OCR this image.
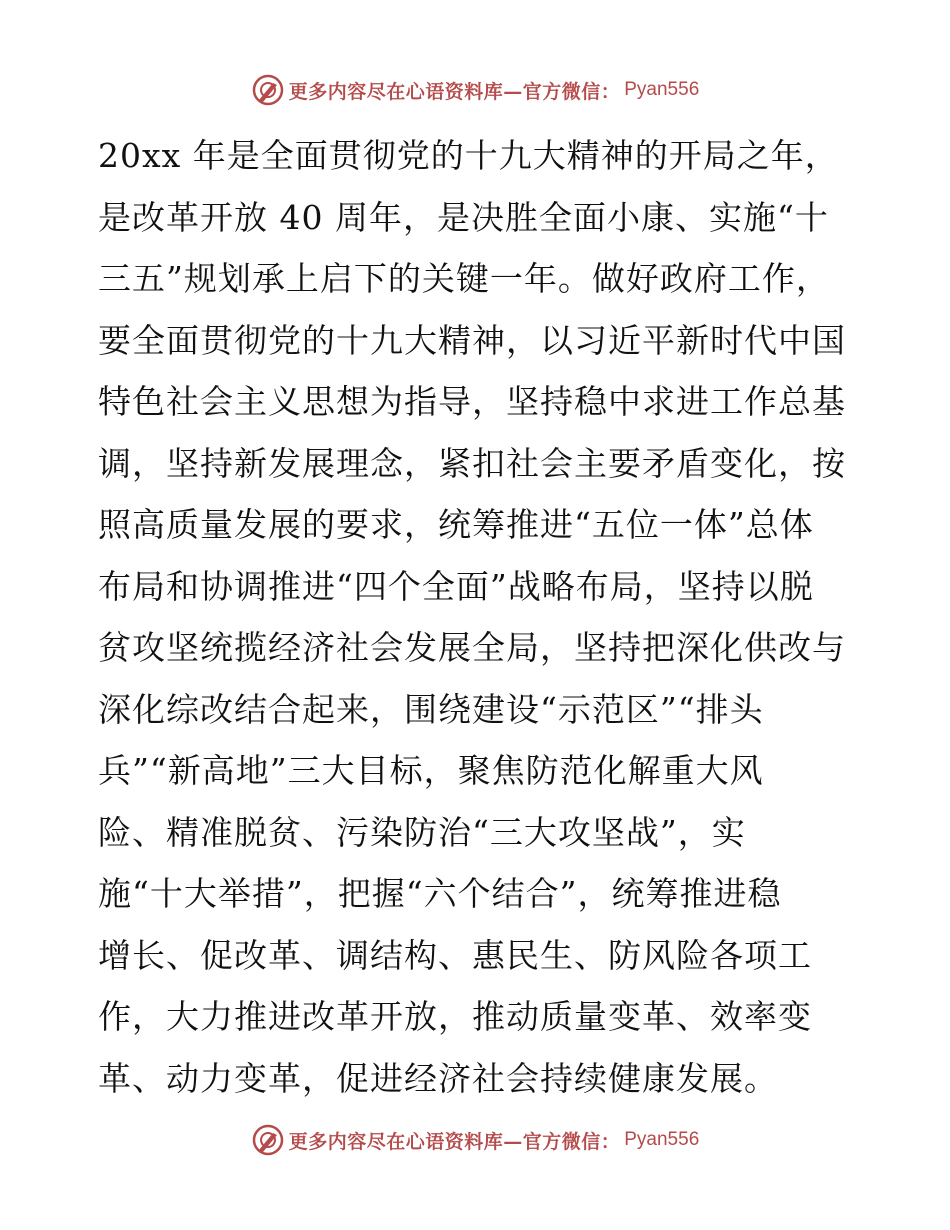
更多内容尽在心语资料库—官方微信： Pyan556
20xx 年是全面贯彻党的十九大精神的开局之年，
是改革开放 40 周年，是决胜全面小康、实施“十
三五”规划承上启下的关键一年。做好政府工作，
要全面贯彻党的十九大精神，以习近平新时代中国
特色社会主义思想为指导，坚持稳中求进工作总基
调，坚持新发展理念，紧扣社会主要矛盾变化，按
照高质量发展的要求，统筹推进“五位一体”总体
布局和协调推进“四个全面”战略布局，坚持以脱
贫攻坚统揽经济社会发展全局，坚持把深化供改与
深化综改结合起来，围绕建设“示范区”“排头
兵”“新高地”三大目标，聚焦防范化解重大风
险、精准脱贫、污染防治“三大攻坚战”，实
施“十大举措”，把握“六个结合”，统筹推进稳
增长、促改革、调结构、惠民生、防风险各项工
作，大力推进改革开放，推动质量变革、效率变
革、动力变革，促进经济社会持续健康发展。
更多内容尽在心语资料库—官方微信： Pyan556
